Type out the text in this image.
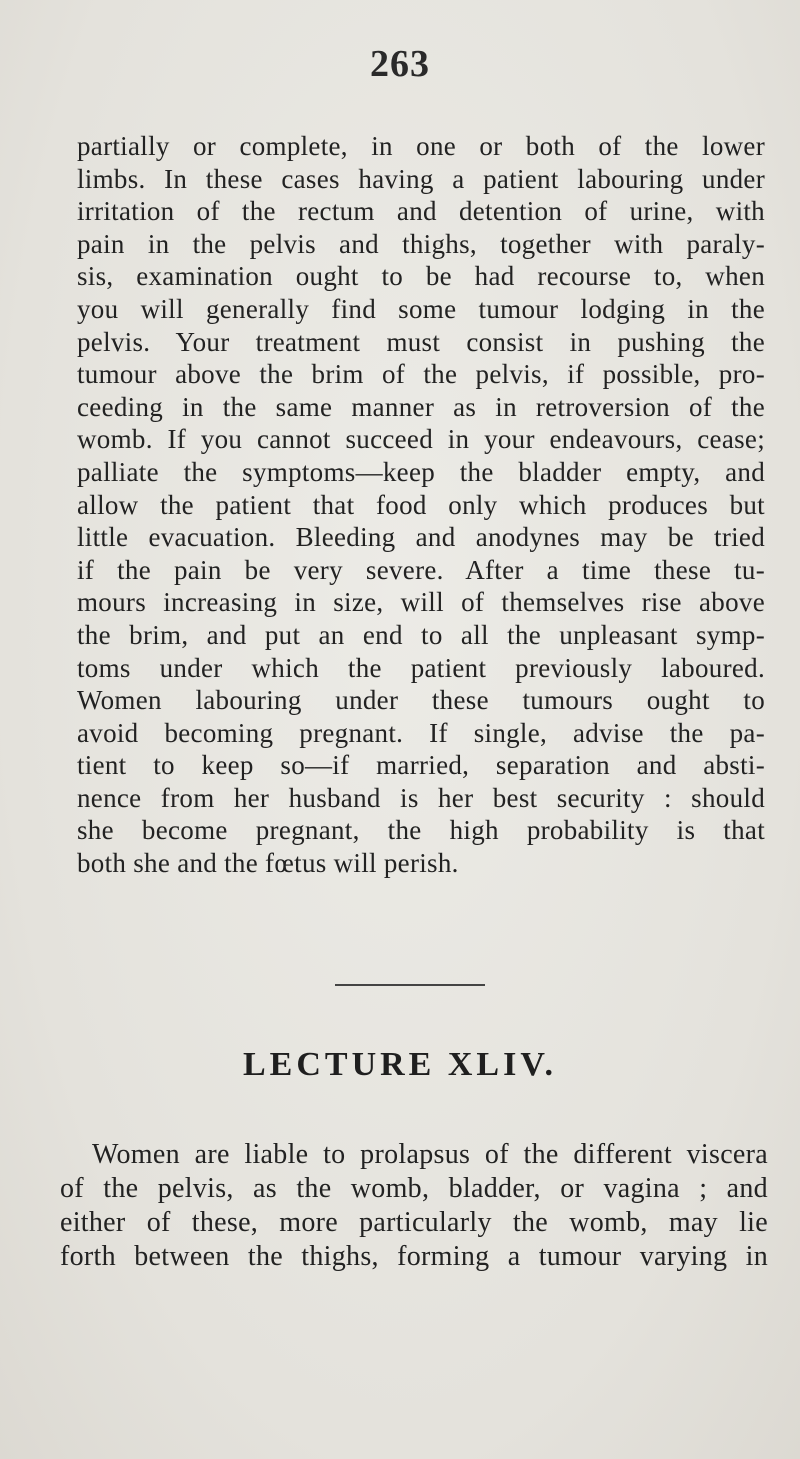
263
partially or complete, in one or both of the lower
limbs. In these cases having a patient labouring under
irritation of the rectum and detention of urine, with
pain in the pelvis and thighs, together with paraly-
sis, examination ought to be had recourse to, when
you will generally find some tumour lodging in the
pelvis. Your treatment must consist in pushing the
tumour above the brim of the pelvis, if possible, pro-
ceeding in the same manner as in retroversion of the
womb. If you cannot succeed in your endeavours, cease;
palliate the symptoms—keep the bladder empty, and
allow the patient that food only which produces but
little evacuation. Bleeding and anodynes may be tried
if the pain be very severe. After a time these tu-
mours increasing in size, will of themselves rise above
the brim, and put an end to all the unpleasant symp-
toms under which the patient previously laboured.
Women labouring under these tumours ought to
avoid becoming pregnant. If single, advise the pa-
tient to keep so—if married, separation and absti-
nence from her husband is her best security : should
she become pregnant, the high probability is that
both she and the fœtus will perish.
LECTURE XLIV.
Women are liable to prolapsus of the different viscera
of the pelvis, as the womb, bladder, or vagina ; and
either of these, more particularly the womb, may lie
forth between the thighs, forming a tumour varying in
